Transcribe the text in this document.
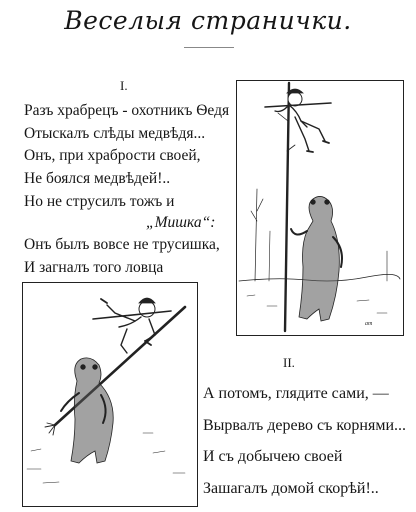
Веселыя странички.
I.
Разъ храбрецъ - охотникъ Ѳедя
Отыскалъ слѣды медвѣдя...
Онъ, при храбрости своей,
Не боялся медвѣдей!..
Но не струсилъ тожъ и
„Мишка“:
Онъ былъ вовсе не трусишка,
И загналъ того ловца
II.
А потомъ, глядите сами, —
Вырвалъ дерево съ корнями...
И съ добычею своей
Зашагалъ домой скорѣй!..
ат
